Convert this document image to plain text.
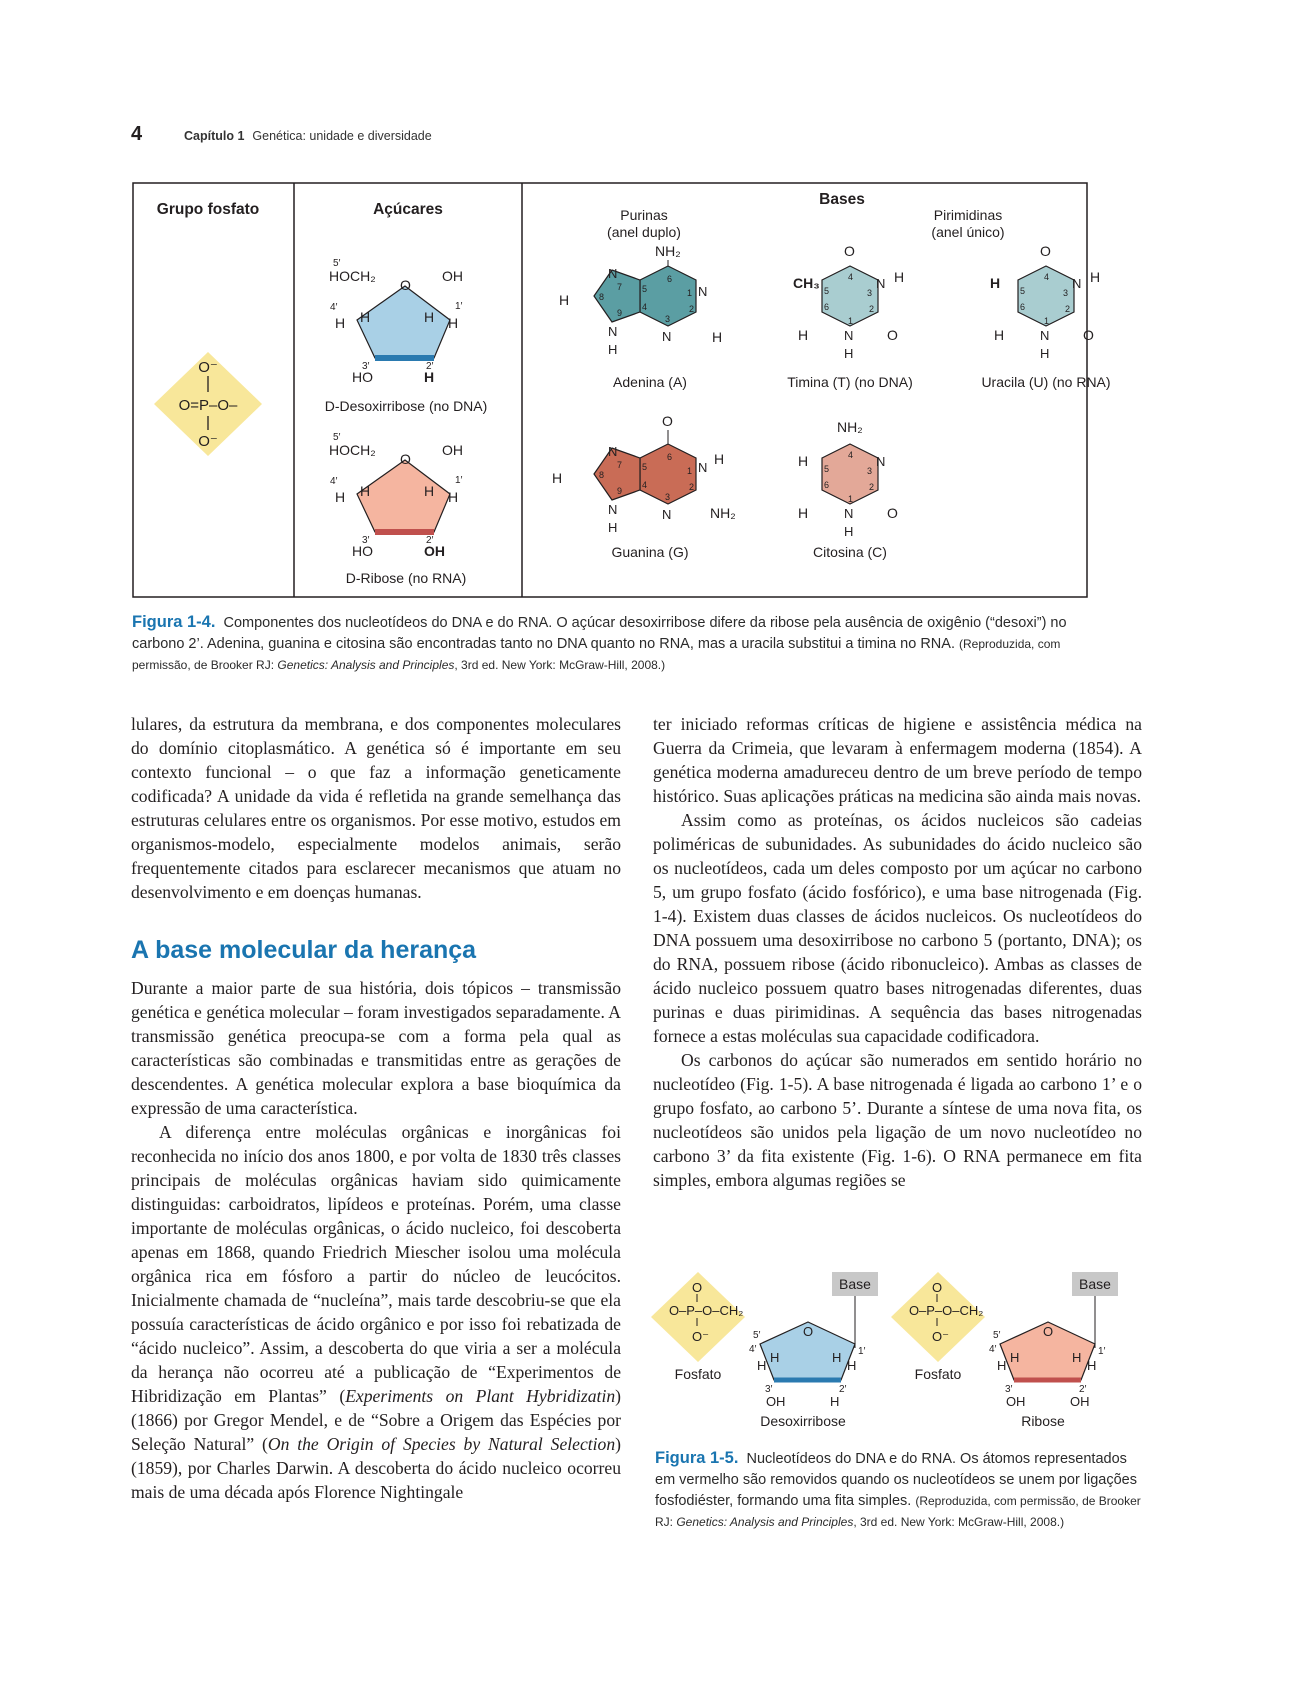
4	Capítulo 1 Genética: unidade e diversidade
Grupo fosfato	Açúcares
Bases
Purinas
(anel duplo)
Pirimidinas
(anel único)
O⁻
O=P–O–
O⁻
5′
HOCH₂
O
OH
4′
H H	H H
1′
3′	2′
HO	H
D-Desoxirribose (no DNA)
5′
HOCH₂
O
OH
4′
H H	H H
1′
3′	2′
HO	OH
D-Ribose (no RNA)
NH₂
N
N
N
N
H
H
H
6
5
4
1
2
3
7
8
9
Adenina (A)
O
N
N
H
N	NH₂
N
H
H
6
5
4
1
2
3
7
8
9
Guanina (G)
O
CH₃	N H
O
N
H
H
4
5
6
3
2
1
Timina (T) (no DNA)
O
H	N H
O
N
H
H
4
5
6
3
2
1
Uracila (U) (no RNA)
NH₂
N
O
N
H
H
H	4
5
6
3
2
1
Citosina (C)
Figura 1-4. Componentes dos nucleotídeos do DNA e do RNA. O açúcar desoxirribose difere da ribose pela ausência de oxigênio (“desoxi”) no carbono 2’. Adenina, guanina e citosina são encontradas tanto no DNA quanto no RNA, mas a uracila substitui a timina no RNA. (Reproduzida, com permissão, de Brooker RJ: Genetics: Analysis and Principles, 3rd ed. New York: McGraw-Hill, 2008.)

lulares, da estrutura da membrana, e dos componentes moleculares do domínio citoplasmático. A genética só é importante em seu contexto funcional – o que faz a informação geneticamente codificada? A unidade da vida é refletida na grande semelhança das estruturas celulares entre os organismos. Por esse motivo, estudos em organismos-modelo, especialmente modelos animais, serão frequentemente citados para esclarecer mecanismos que atuam no desenvolvimento e em doenças humanas.

A base molecular da herança

Durante a maior parte de sua história, dois tópicos – transmissão genética e genética molecular – foram investigados separadamente. A transmissão genética preocupa-se com a forma pela qual as características são combinadas e transmitidas entre as gerações de descendentes. A genética molecular explora a base bioquímica da expressão de uma característica.

A diferença entre moléculas orgânicas e inorgânicas foi reconhecida no início dos anos 1800, e por volta de 1830 três classes principais de moléculas orgânicas haviam sido quimicamente distinguidas: carboidratos, lipídeos e proteínas. Porém, uma classe importante de moléculas orgânicas, o ácido nucleico, foi descoberta apenas em 1868, quando Friedrich Miescher isolou uma molécula orgânica rica em fósforo a partir do núcleo de leucócitos. Inicialmente chamada de “nucleína”, mais tarde descobriu-se que ela possuía características de ácido orgânico e por isso foi rebatizada de “ácido nucleico”. Assim, a descoberta do que viria a ser a molécula da herança não ocorreu até a publicação de “Experimentos de Hibridização em Plantas” (Experiments on Plant Hybridizatin) (1866) por Gregor Mendel, e de “Sobre a Origem das Espécies por Seleção Natural” (On the Origin of Species by Natural Selection) (1859), por Charles Darwin. A descoberta do ácido nucleico ocorreu mais de uma década após Florence Nightingale

ter iniciado reformas críticas de higiene e assistência médica na Guerra da Crimeia, que levaram à enfermagem moderna (1854). A genética moderna amadureceu dentro de um breve período de tempo histórico. Suas aplicações práticas na medicina são ainda mais novas.

Assim como as proteínas, os ácidos nucleicos são cadeias poliméricas de subunidades. As subunidades do ácido nucleico são os nucleotídeos, cada um deles composto por um açúcar no carbono 5, um grupo fosfato (ácido fosfórico), e uma base nitrogenada (Fig. 1-4). Existem duas classes de ácidos nucleicos. Os nucleotídeos do DNA possuem uma desoxirribose no carbono 5 (portanto, DNA); os do RNA, possuem ribose (ácido ribonucleico). Ambas as classes de ácido nucleico possuem quatro bases nitrogenadas diferentes, duas purinas e duas pirimidinas. A sequência das bases nitrogenadas fornece a estas moléculas sua capacidade codificadora.

Os carbonos do açúcar são numerados em sentido horário no nucleotídeo (Fig. 1-5). A base nitrogenada é ligada ao carbono 1’ e o grupo fosfato, ao carbono 5’. Durante a síntese de uma nova fita, os nucleotídeos são unidos pela ligação de um novo nucleotídeo no carbono 3’ da fita existente (Fig. 1-6). O RNA permanece em fita simples, embora algumas regiões se

O
O –P–O–CH₂
O⁻
Fosfato
Base
5′
4′	1′
O
H
H	H
H
3′	2′
O H	H
Desoxirribose
O
O –P–O–CH₂
O⁻
Fosfato
Base
5′
4′	1′
O
H
H	H
H
3′	2′
O H	OH
Ribose
Figura 1-5. Nucleotídeos do DNA e do RNA. Os átomos representados em vermelho são removidos quando os nucleotídeos se unem por ligações fosfodiéster, formando uma fita simples. (Reproduzida, com permissão, de Brooker RJ: Genetics: Analysis and Principles, 3rd ed. New York: McGraw-Hill, 2008.)
